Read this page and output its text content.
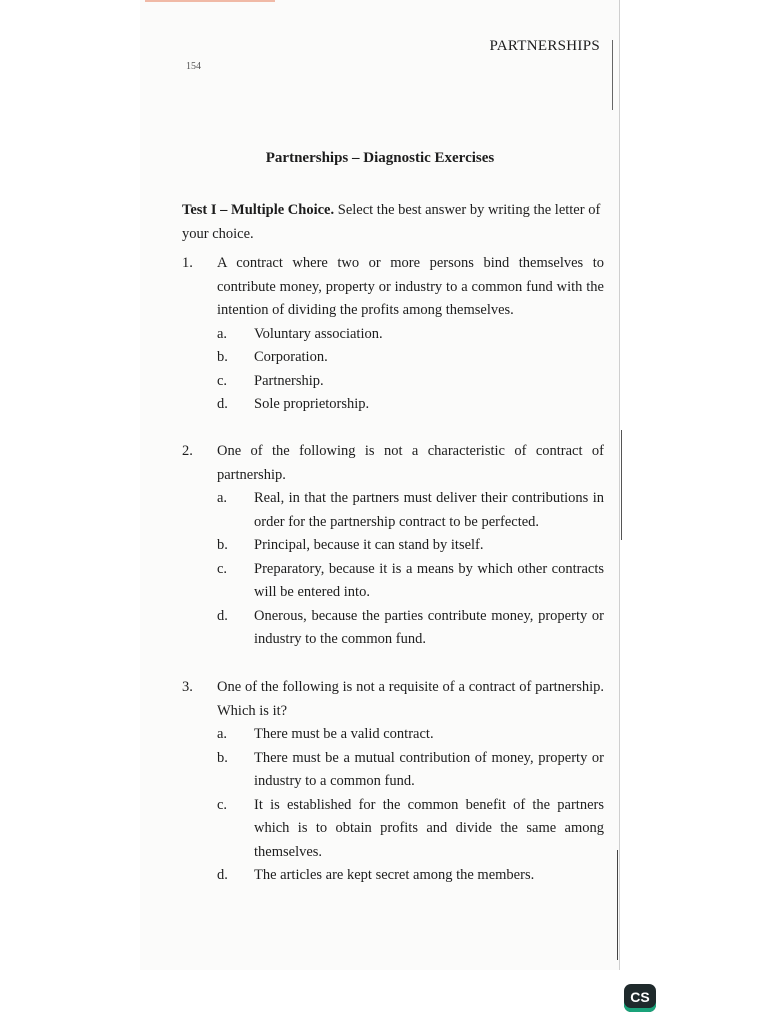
PARTNERSHIPS
154
Partnerships – Diagnostic Exercises
Test I – Multiple Choice. Select the best answer by writing the letter of your choice.
1.	A contract where two or more persons bind themselves to contribute money, property or industry to a common fund with the intention of dividing the profits among themselves.
a.	Voluntary association.
b.	Corporation.
c.	Partnership.
d.	Sole proprietorship.
2.	One of the following is not a characteristic of contract of partnership.
a.	Real, in that the partners must deliver their contributions in order for the partnership contract to be perfected.
b.	Principal, because it can stand by itself.
c.	Preparatory, because it is a means by which other contracts will be entered into.
d.	Onerous, because the parties contribute money, property or industry to the common fund.
3.	One of the following is not a requisite of a contract of partnership. Which is it?
a.	There must be a valid contract.
b.	There must be a mutual contribution of money, property or industry to a common fund.
c.	It is established for the common benefit of the partners which is to obtain profits and divide the same among themselves.
d.	The articles are kept secret among the members.
CS
